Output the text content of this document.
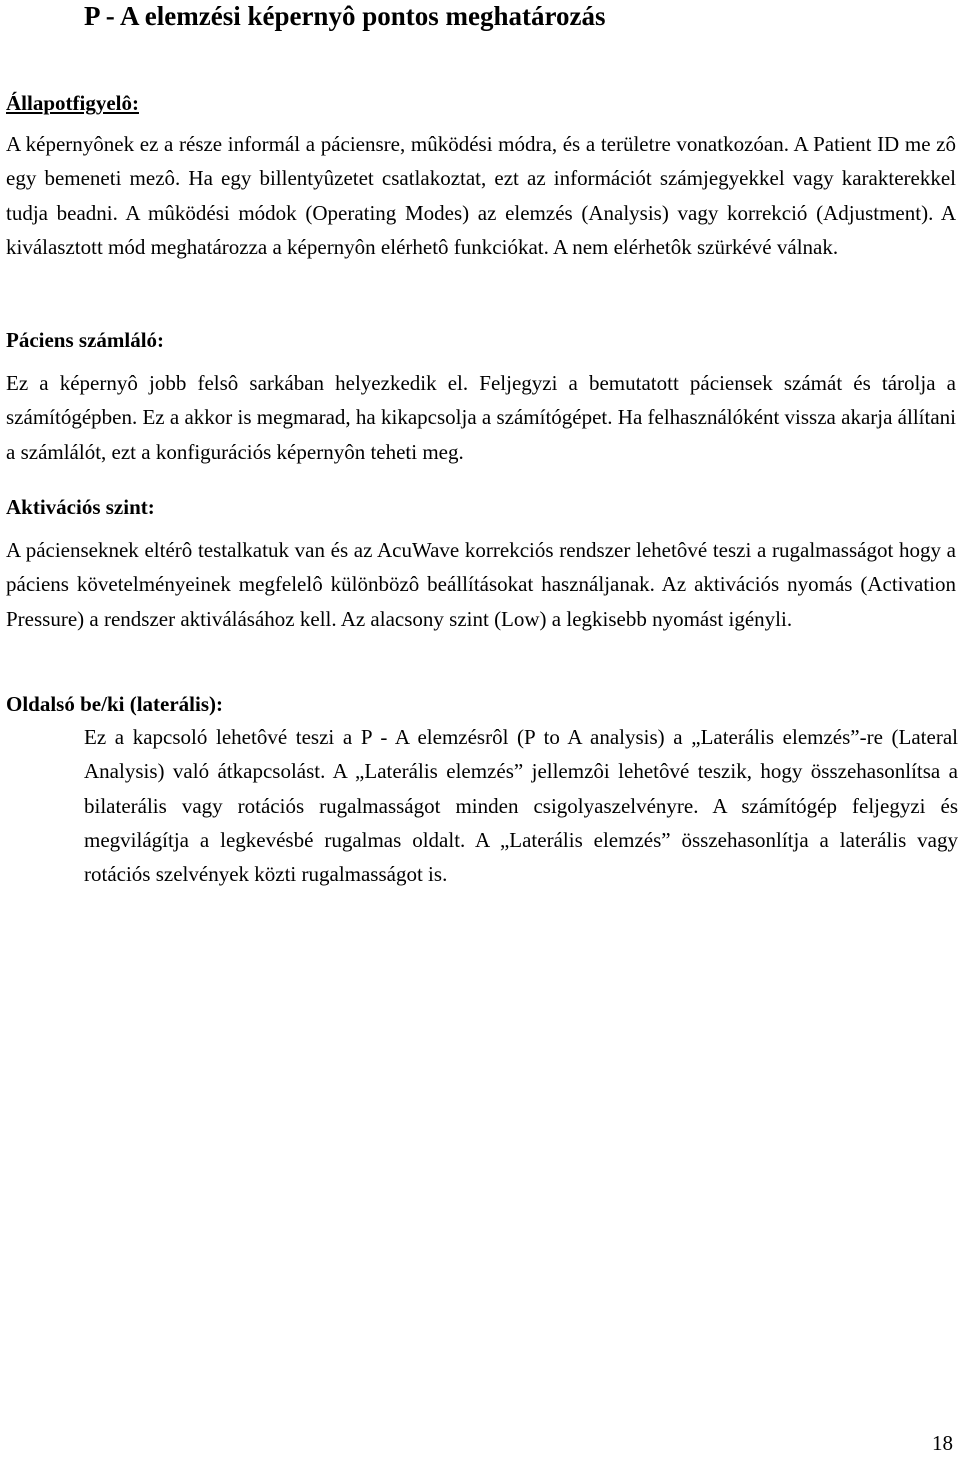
P - A elemzési képernyô pontos meghatározás
Állapotfigyelô:

A képernyônek ez a része informál a páciensre, mûködési módra, és a területre vonatkozóan. A Patient ID me zô egy bemeneti mezô. Ha egy billentyûzetet csatlakoztat, ezt az információt számjegyekkel vagy karakterekkel tudja beadni. A mûködési módok (Operating Modes) az elemzés (Analysis) vagy korrekció (Adjustment). A kiválasztott mód meghatározza a képernyôn elérhetô funkciókat. A nem elérhetôk szürkévé válnak.

Páciens számláló:

Ez a képernyô jobb felsô sarkában helyezkedik el. Feljegyzi a bemutatott páciensek számát és tárolja a számítógépben. Ez a akkor is megmarad, ha kikapcsolja a számítógépet. Ha felhasználóként vissza akarja állítani a számlálót, ezt a konfigurációs képernyôn teheti meg.

Aktivációs szint:

A pácienseknek eltérô testalkatuk van és az AcuWave korrekciós rendszer lehetôvé teszi a rugalmasságot hogy a páciens követelményeinek megfelelô különbözô beállításokat használjanak. Az aktivációs nyomás (Activation Pressure) a rendszer aktiválásához kell. Az alacsony szint (Low) a legkisebb nyomást igényli.

Oldalsó be/ki (laterális):

Ez a kapcsoló lehetôvé teszi a P - A elemzésrôl (P to A analysis) a „Laterális elemzés”-re (Lateral Analysis) való átkapcsolást. A „Laterális elemzés” jellemzôi lehetôvé teszik, hogy összehasonlítsa a bilaterális vagy rotációs rugalmasságot minden csigolyaszelvényre. A számítógép feljegyzi és megvilágítja a legkevésbé rugalmas oldalt. A „Laterális elemzés” összehasonlítja a laterális vagy rotációs szelvények közti rugalmasságot is.

18
